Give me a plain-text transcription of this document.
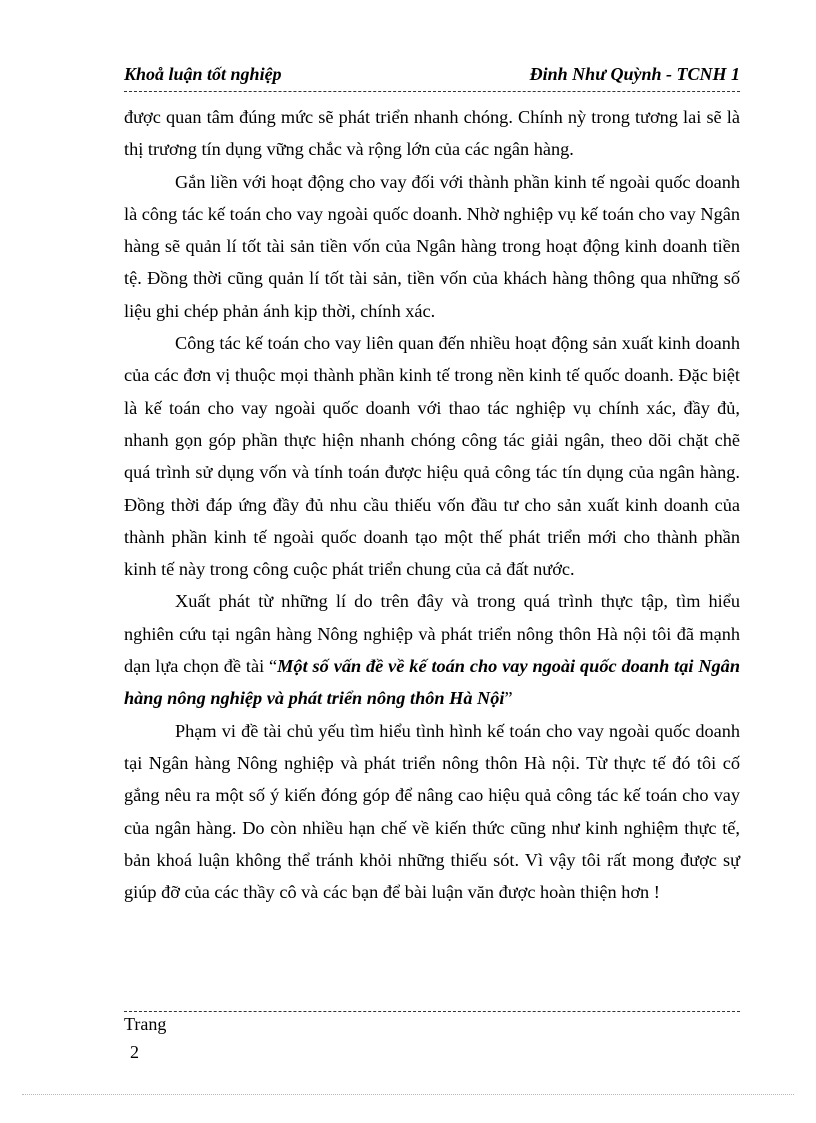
Khoå luận tốt nghiệp	Đinh Như Quỳnh - TCNH 1

được quan tâm đúng mức sẽ phát triển nhanh chóng. Chính nỳ trong tương lai sẽ là thị trương tín dụng vững chắc và rộng lớn của các ngân hàng.

Gắn liền với hoạt động cho vay đối với thành phần kinh tế ngoài quốc doanh là công tác kế toán cho vay ngoài quốc doanh. Nhờ nghiệp vụ kế toán cho vay Ngân hàng sẽ quản lí tốt tài sản tiền vốn của Ngân hàng trong hoạt động kinh doanh tiền tệ. Đồng thời cũng quản lí tốt tài sản, tiền vốn của khách hàng thông qua những số liệu ghi chép phản ánh kịp thời, chính xác.

Công tác kế toán cho vay liên quan đến nhiều hoạt động sản xuất kinh doanh của các đơn vị thuộc mọi thành phần kinh tế trong nền kinh tế quốc doanh. Đặc biệt là kế toán cho vay ngoài quốc doanh với thao tác nghiệp vụ chính xác, đầy đủ, nhanh gọn góp phần thực hiện nhanh chóng công tác giải ngân, theo dõi chặt chẽ quá trình sử dụng vốn và tính toán được hiệu quả công tác tín dụng của ngân hàng. Đồng thời đáp ứng đầy đủ nhu cầu thiếu vốn đầu tư cho sản xuất kinh doanh của thành phần kinh tế ngoài quốc doanh tạo một thế phát triển mới cho thành phần kinh tế này trong công cuộc phát triển chung của cả đất nước.

Xuất phát từ những lí do trên đây và trong quá trình thực tập, tìm hiểu nghiên cứu tại ngân hàng Nông nghiệp và phát triển nông thôn Hà nội tôi đã mạnh dạn lựa chọn đề tài “Một số vấn đề về kế toán cho vay ngoài quốc doanh tại Ngân hàng nông nghiệp và phát triển nông thôn Hà Nội”

Phạm vi đề tài chủ yếu tìm hiểu tình hình kế toán cho vay ngoài quốc doanh tại Ngân hàng Nông nghiệp và phát triển nông thôn Hà nội. Từ thực tế đó tôi cố gắng nêu ra một số ý kiến đóng góp để nâng cao hiệu quả công tác kế toán cho vay của ngân hàng. Do còn nhiều hạn chế về kiến thức cũng như kinh nghiệm thực tế, bản khoá luận không thể tránh khỏi những thiếu sót. Vì vậy tôi rất mong được sự giúp đỡ của các thầy cô và các bạn để bài luận văn được hoàn thiện hơn !

Trang
2
